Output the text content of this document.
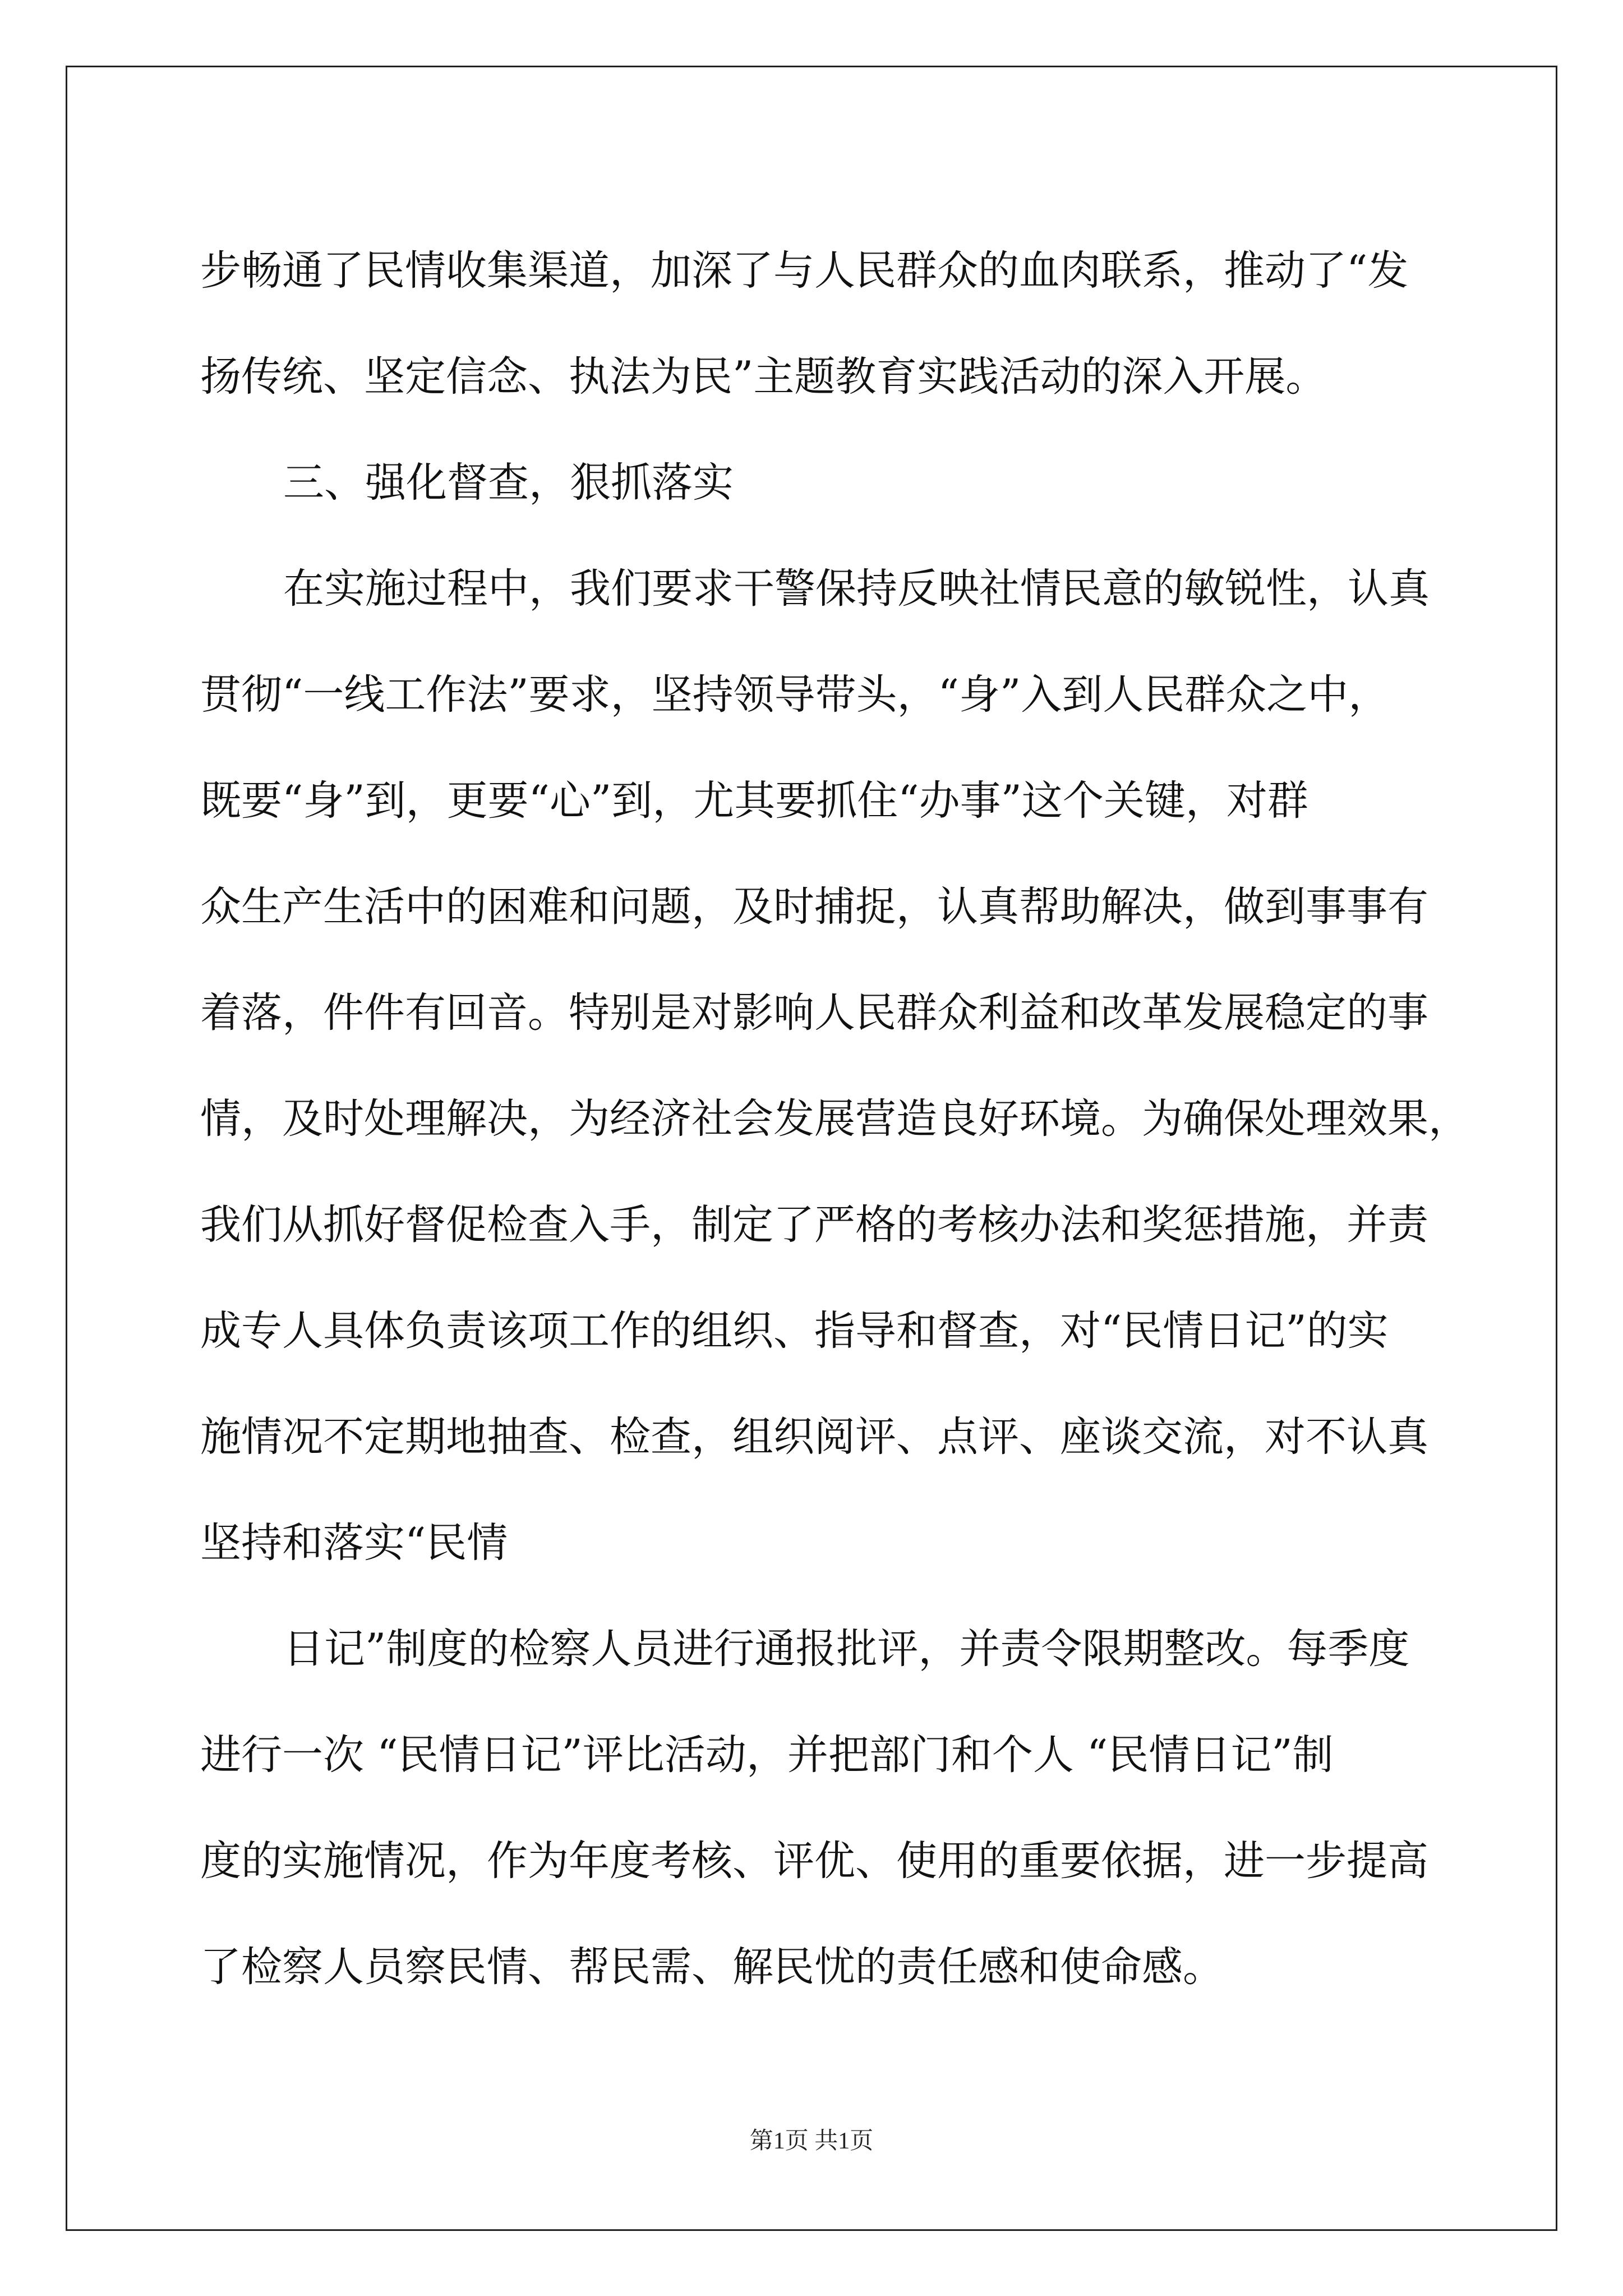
步畅通了民情收集渠道，加深了与人民群众的血肉联系，推动了“发

扬传统、坚定信念、执法为民”主题教育实践活动的深入开展。

三、强化督查，狠抓落实

在实施过程中，我们要求干警保持反映社情民意的敏锐性，认真

贯彻“一线工作法”要求，坚持领导带头，“身”入到人民群众之中，

既要“身”到，更要“心”到，尤其要抓住“办事”这个关键，对群

众生产生活中的困难和问题，及时捕捉，认真帮助解决，做到事事有

着落，件件有回音。特别是对影响人民群众利益和改革发展稳定的事

情，及时处理解决，为经济社会发展营造良好环境。为确保处理效果，

我们从抓好督促检查入手，制定了严格的考核办法和奖惩措施，并责

成专人具体负责该项工作的组织、指导和督查，对“民情日记”的实

施情况不定期地抽查、检查，组织阅评、点评、座谈交流，对不认真

坚持和落实“民情

日记”制度的检察人员进行通报批评，并责令限期整改。每季度

进行一次 “民情日记”评比活动，并把部门和个人 “民情日记”制

度的实施情况，作为年度考核、评优、使用的重要依据，进一步提高

了检察人员察民情、帮民需、解民忧的责任感和使命感。

第1页 共1页
